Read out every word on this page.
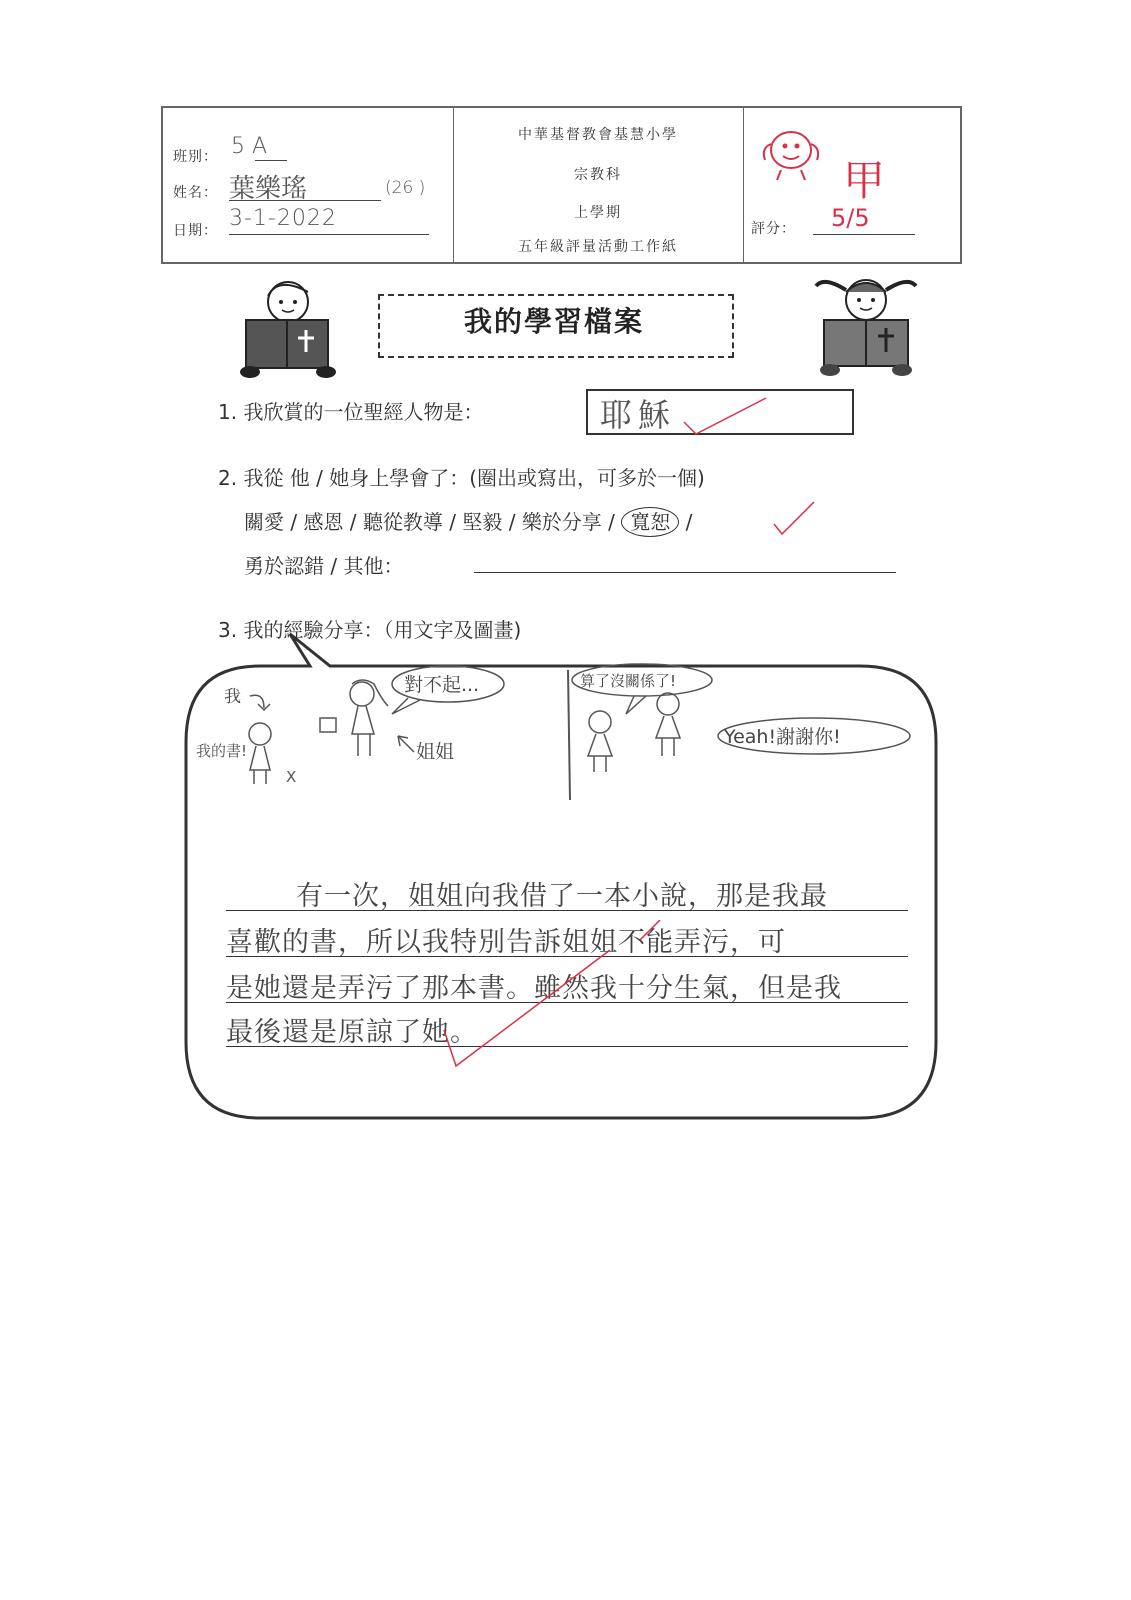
班別： 5 A
姓名： 葉樂瑤	(26 )
日期： 3-1-2022
中華基督教會基慧小學
宗教科
上學期
五年級評量活動工作紙
甲
評分： 5/5
我的學習檔案
1. 我欣賞的一位聖經人物是：	耶穌
2. 我從 他 / 她身上學會了：(圈出或寫出，可多於一個)
關愛 / 感恩 / 聽從教導 / 堅毅 / 樂於分享 / 寬恕 /
勇於認錯 / 其他：
3. 我的經驗分享：（用文字及圖畫)
我
我的書!
X
姐姐
對不起...	算了沒關係了!
Yeah!謝謝你!
有一次，姐姐向我借了一本小說，那是我最
喜歡的書，所以我特別告訴姐姐不能弄污，可
是她還是弄污了那本書。雖然我十分生氣，但是我
最後還是原諒了她。
